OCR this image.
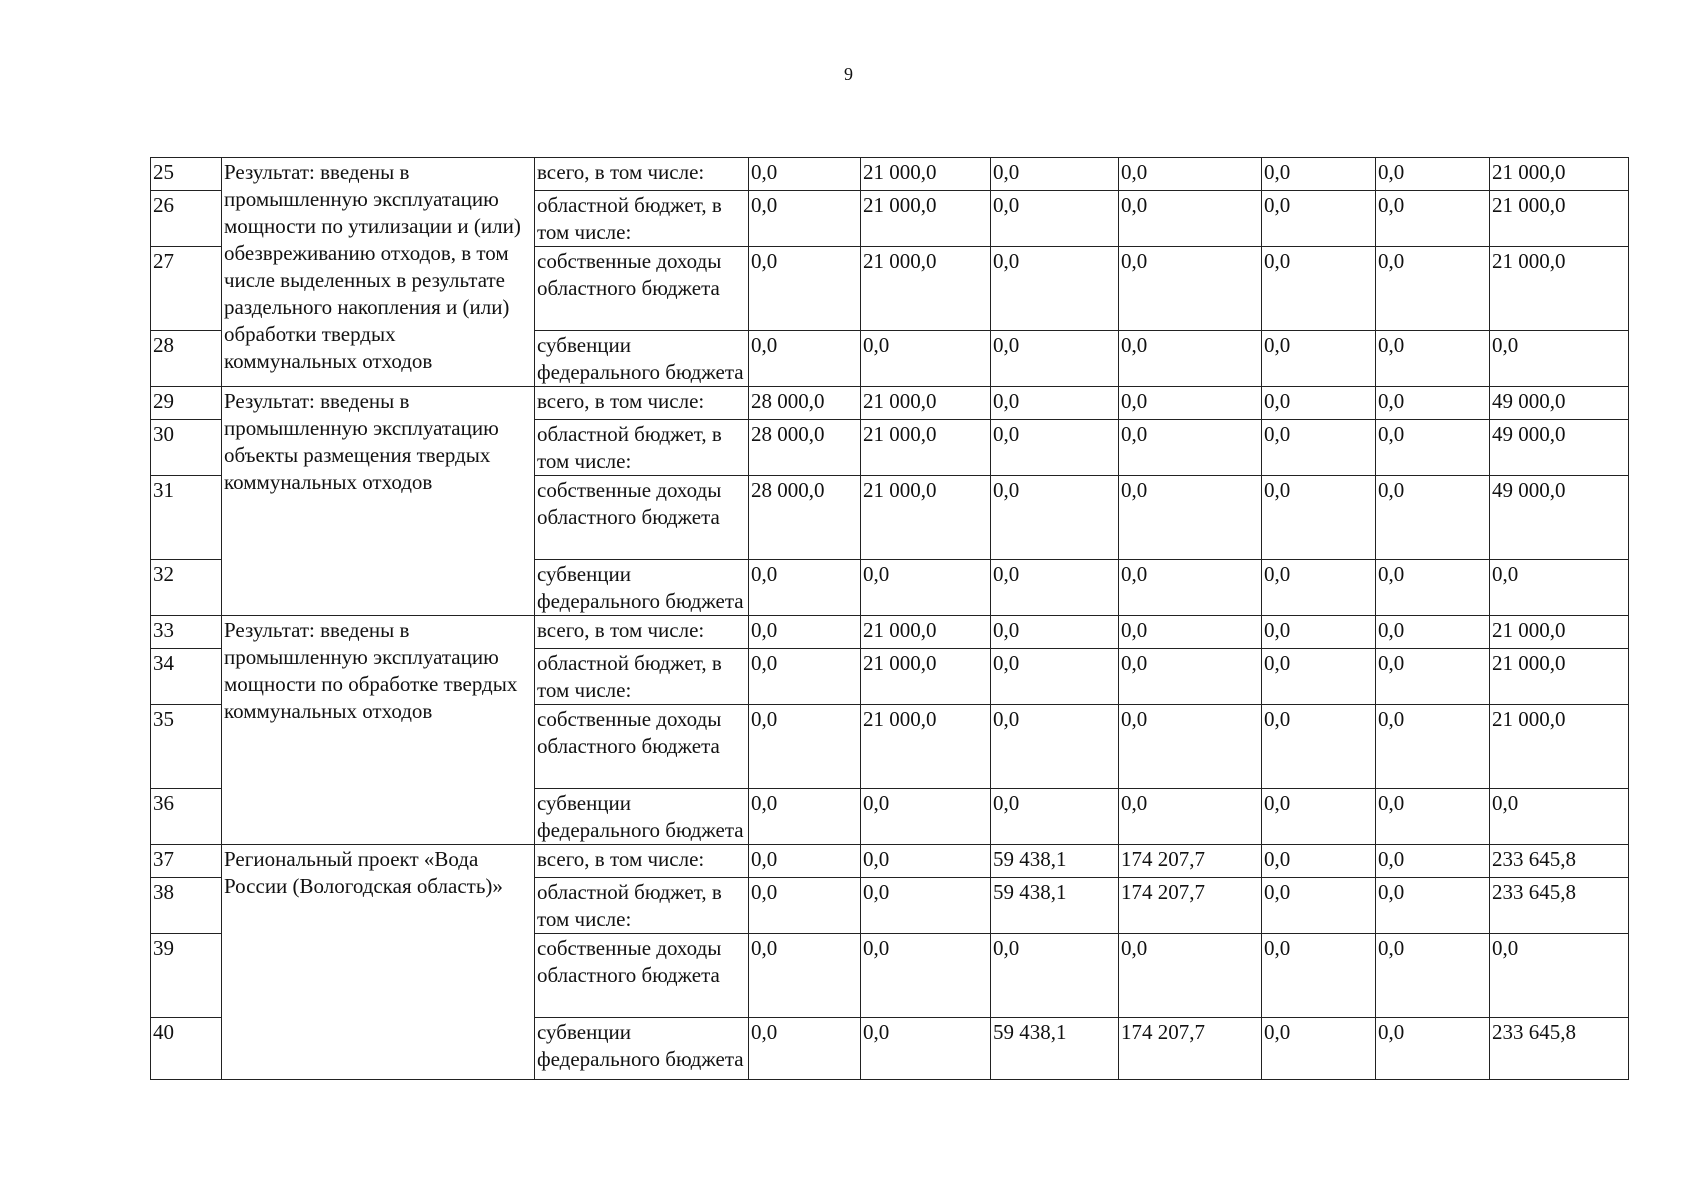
9
25	Результат: введены в промышленную эксплуатацию мощности по утилизации и (или) обезвреживанию отходов, в том числе выделенных в результате раздельного накопления и (или) обработки твердых коммунальных отходов	всего, в том числе:	0,0	21 000,0	0,0	0,0	0,0	0,0	21 000,0
26		областной бюджет, в том числе:	0,0	21 000,0	0,0	0,0	0,0	0,0	21 000,0
27		собственные доходы областного бюджета	0,0	21 000,0	0,0	0,0	0,0	0,0	21 000,0
28		субвенции федерального бюджета	0,0	0,0	0,0	0,0	0,0	0,0	0,0
29	Результат: введены в промышленную эксплуатацию объекты размещения твердых коммунальных отходов	всего, в том числе:	28 000,0	21 000,0	0,0	0,0	0,0	0,0	49 000,0
30		областной бюджет, в том числе:	28 000,0	21 000,0	0,0	0,0	0,0	0,0	49 000,0
31		собственные доходы областного бюджета	28 000,0	21 000,0	0,0	0,0	0,0	0,0	49 000,0
32		субвенции федерального бюджета	0,0	0,0	0,0	0,0	0,0	0,0	0,0
33	Результат: введены в промышленную эксплуатацию мощности по обработке твердых коммунальных отходов	всего, в том числе:	0,0	21 000,0	0,0	0,0	0,0	0,0	21 000,0
34		областной бюджет, в том числе:	0,0	21 000,0	0,0	0,0	0,0	0,0	21 000,0
35		собственные доходы областного бюджета	0,0	21 000,0	0,0	0,0	0,0	0,0	21 000,0
36		субвенции федерального бюджета	0,0	0,0	0,0	0,0	0,0	0,0	0,0
37	Региональный проект «Вода России (Вологодская область)»	всего, в том числе:	0,0	0,0	59 438,1	174 207,7	0,0	0,0	233 645,8
38		областной бюджет, в том числе:	0,0	0,0	59 438,1	174 207,7	0,0	0,0	233 645,8
39		собственные доходы областного бюджета	0,0	0,0	0,0	0,0	0,0	0,0	0,0
40		субвенции федерального бюджета	0,0	0,0	59 438,1	174 207,7	0,0	0,0	233 645,8
